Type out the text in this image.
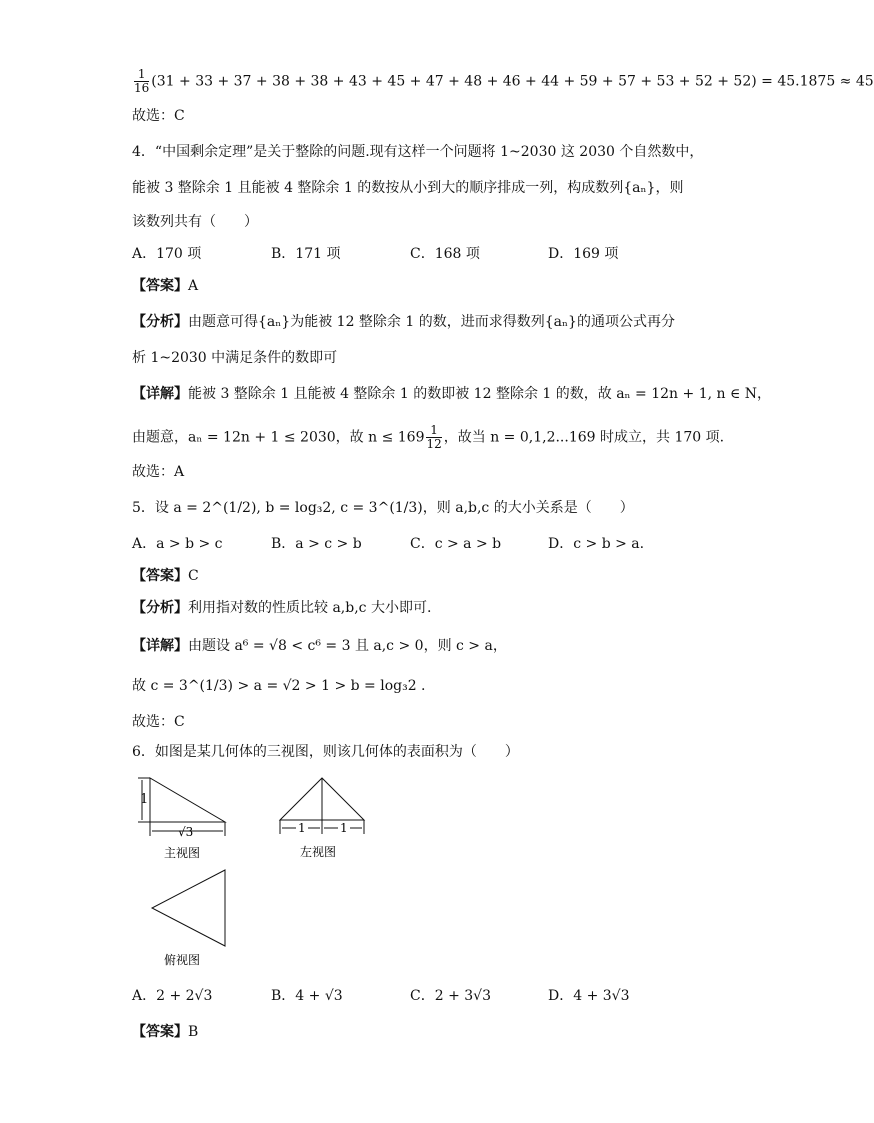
$\frac{1}{16} (31 + 33 + 37 + 38 + 38 + 43 + 45 + 47 + 48 + 46 + 44 + 59 + 57 + 53 + 52 + 52) = 45.1875 \approx 45$
故选：C
4．“中国剩余定理”是关于整除的问题.现有这样一个问题将 1~2030 这 2030 个自然数中，
能被 3 整除余 1 且能被 4 整除余 1 的数按从小到大的顺序排成一列，构成数列{aₙ}，则
该数列共有（　　）
A．170 项	B．171 项	C．168 项	D．169 项
【答案】A
【分析】由题意可得{aₙ}为能被 12 整除余 1 的数，进而求得数列{aₙ}的通项公式再分
析 1~2030 中满足条件的数即可
【详解】能被 3 整除余 1 且能被 4 整除余 1 的数即被 12 整除余 1 的数，故 aₙ = 12n + 1, n ∈ N，
由题意，aₙ = 12n + 1 ≤ 2030，故 $n \le 169 \frac{1}{12}$ ，故当 n = 0,1,2...169 时成立，共 170 项.
故选：A
5．设 a = 2^(1/2), b = log₃2, c = 3^(1/3)，则 a,b,c 的大小关系是（　　）
A．a > b > c	B．a > c > b	C．c > a > b	D．c > b > a.
【答案】C
【分析】利用指对数的性质比较 a,b,c 大小即可.
【详解】由题设 a⁶ = √8 < c⁶ = 3 且 a,c > 0，则 c > a，
故 c = 3^(1/3) > a = √2 > 1 > b = log₃2 .
故选：C
6．如图是某几何体的三视图，则该几何体的表面积为（　　）
1
√3
主视图
1	1
左视图
俯视图
A．2 + 2√3	B．4 + √3	C．2 + 3√3	D．4 + 3√3
【答案】B
